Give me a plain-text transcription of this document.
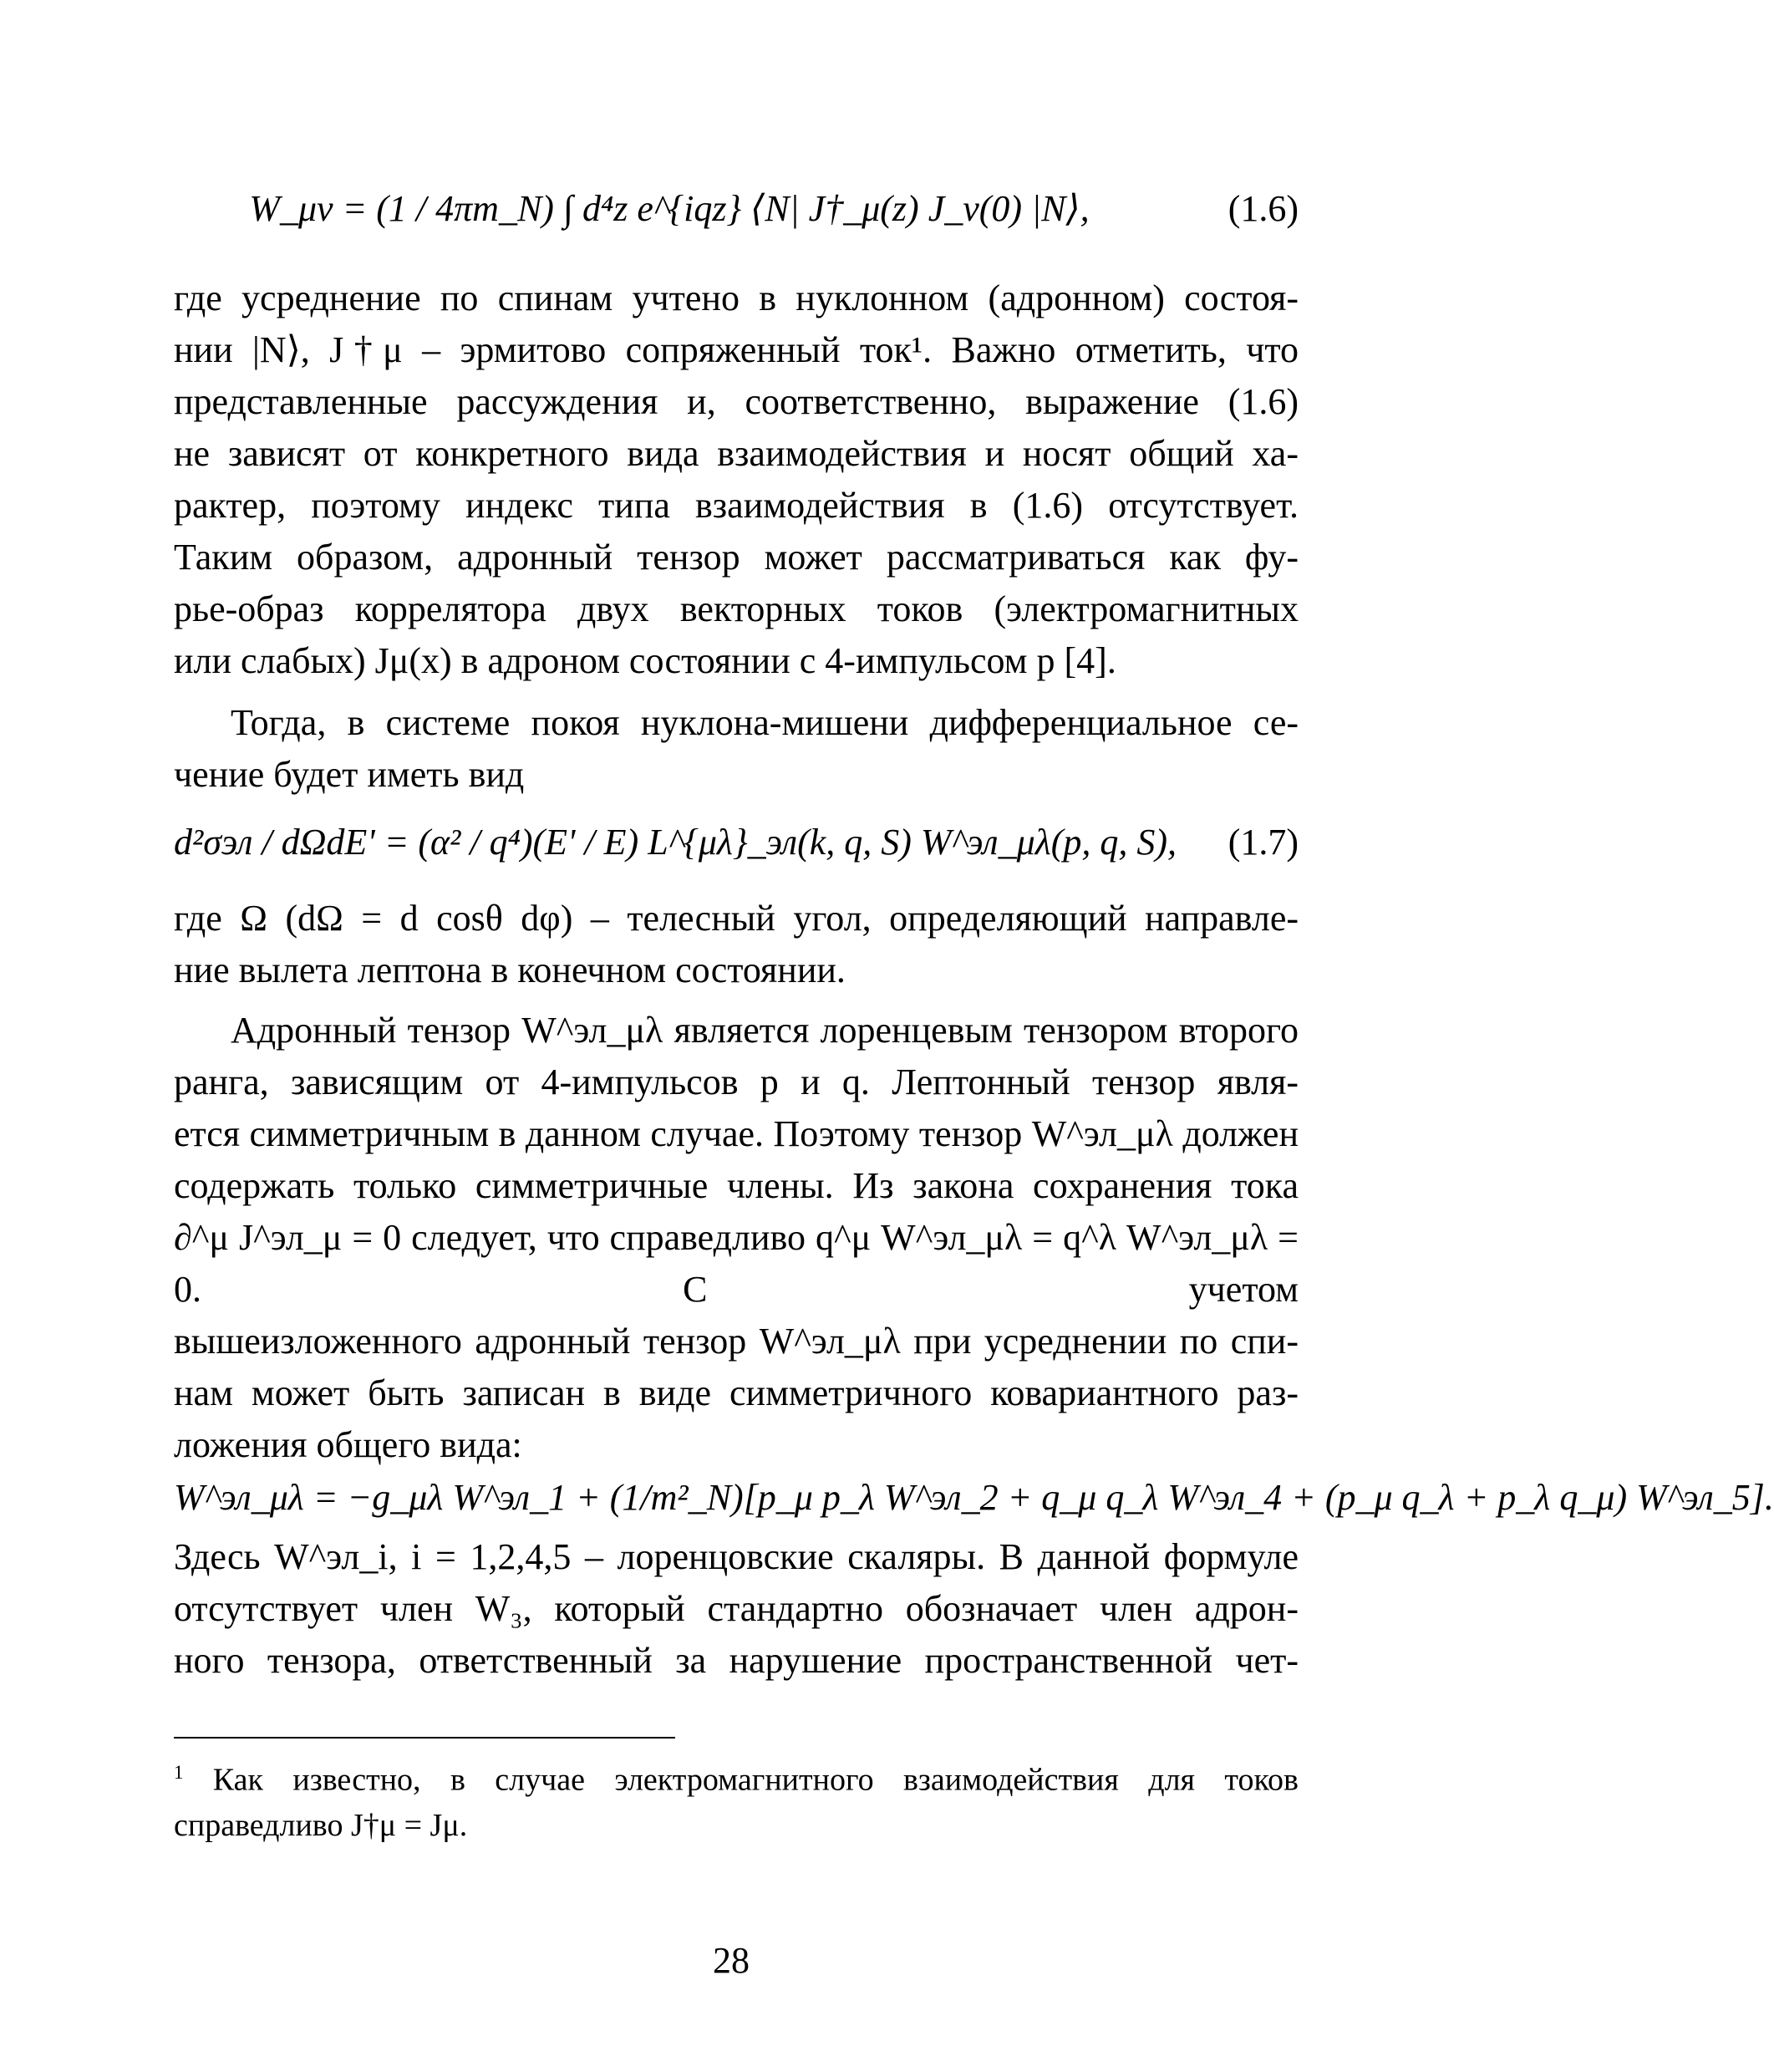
W_μν = (1 / 4πm_N) ∫ d⁴z e^{iqz} ⟨N| J†_μ(z) J_ν(0) |N⟩,	(1.6)
где усреднение по спинам учтено в нуклонном (адронном) состоя-
нии |N⟩, J†μ – эрмитово сопряженный ток¹. Важно отметить, что
представленные рассуждения и, соответственно, выражение (1.6)
не зависят от конкретного вида взаимодействия и носят общий ха-
рактер, поэтому индекс типа взаимодействия в (1.6) отсутствует.
Таким образом, адронный тензор может рассматриваться как фу-
рье-образ коррелятора двух векторных токов (электромагнитных
или слабых) Jμ(x) в адроном состоянии с 4-импульсом p [4].
Тогда, в системе покоя нуклона-мишени дифференциальное се-
чение будет иметь вид
d²σэл / dΩdE' = (α² / q⁴)(E' / E) L^{μλ}_эл(k, q, S) W^эл_μλ(p, q, S), (1.7)
где Ω (dΩ = d cosθ dφ) – телесный угол, определяющий направле-
ние вылета лептона в конечном состоянии.
Адронный тензор W^эл_μλ является лоренцевым тензором второго
ранга, зависящим от 4-импульсов p и q. Лептонный тензор явля-
ется симметричным в данном случае. Поэтому тензор W^эл_μλ должен
содержать только симметричные члены. Из закона сохранения тока
∂^μ J^эл_μ = 0 следует, что справедливо q^μ W^эл_μλ = q^λ W^эл_μλ = 0. С учетом
вышеизложенного адронный тензор W^эл_μλ при усреднении по спи-
нам может быть записан в виде симметричного ковариантного раз-
ложения общего вида:
W^эл_μλ = −g_μλ W^эл_1 + (1/m²_N)[p_μ p_λ W^эл_2 + q_μ q_λ W^эл_4 + (p_μ q_λ + p_λ q_μ) W^эл_5].
Здесь W^эл_i, i = 1,2,4,5 – лоренцовские скаляры. В данной формуле
отсутствует член W₃, который стандартно обозначает член адрон-
ного тензора, ответственный за нарушение пространственной чет-
$^1$ Как известно, в случае электромагнитного взаимодействия для токов
справедливо J†μ = Jμ.
28
